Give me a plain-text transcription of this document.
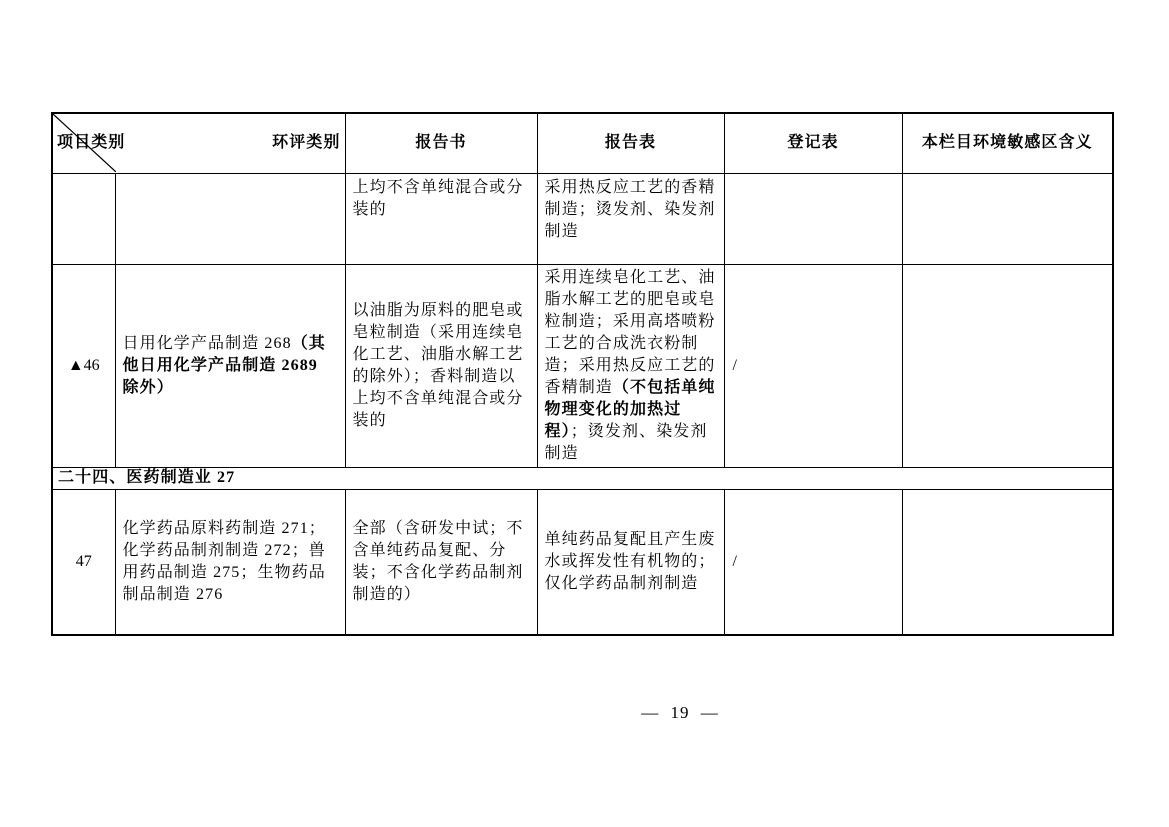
项目类别 环评类别		报告书	报告表	登记表	本栏目环境敏感区含义
		上均不含单纯混合或分装的	采用热反应工艺的香精制造；烫发剂、染发剂制造		
▲46	日用化学产品制造 268（其他日用化学产品制造 2689 除外）	以油脂为原料的肥皂或皂粒制造（采用连续皂化工艺、油脂水解工艺的除外）；香料制造以上均不含单纯混合或分装的	采用连续皂化工艺、油脂水解工艺的肥皂或皂粒制造；采用高塔喷粉工艺的合成洗衣粉制造；采用热反应工艺的香精制造（不包括单纯物理变化的加热过程）；烫发剂、染发剂制造	/	
二十四、医药制造业 27					
47	化学药品原料药制造 271；化学药品制剂制造 272；兽用药品制造 275；生物药品制品制造 276	全部（含研发中试；不含单纯药品复配、分装；不含化学药品制剂制造的）	单纯药品复配且产生废水或挥发性有机物的；仅化学药品制剂制造	/	
— 19 —
